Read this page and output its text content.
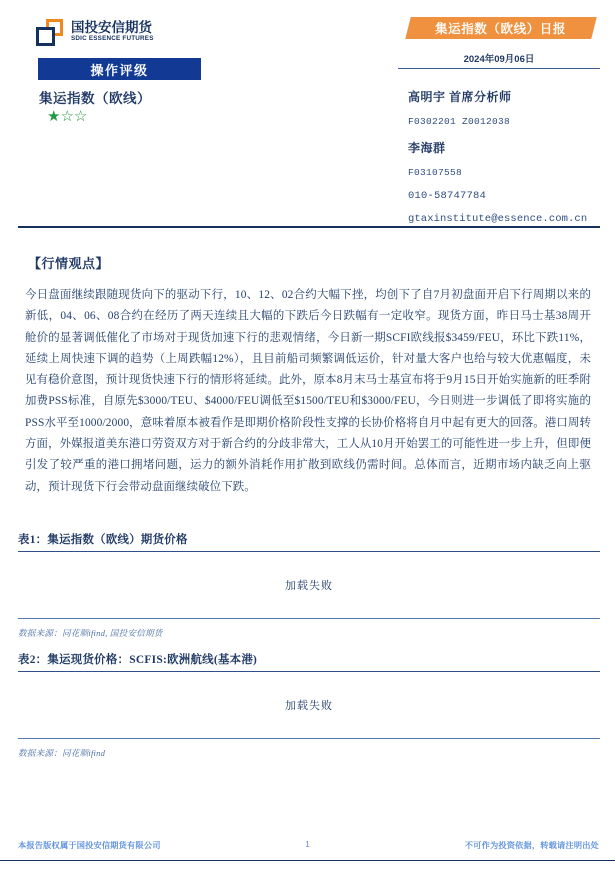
国投安信期货
SDIC ESSENCE FUTURES
操作评级
集运指数（欧线）
★☆☆
集运指数（欧线）日报
2024年09月06日
高明宇 首席分析师
F0302201 Z0012038
李海群
F03107558
010-58747784
gtaxinstitute@essence.com.cn
【行情观点】
今日盘面继续跟随现货向下的驱动下行，10、12、02合约大幅下挫，均创下了自7月初盘面开启下行周期以来的新低，04、06、08合约在经历了两天连续且大幅的下跌后今日跌幅有一定收窄。现货方面，昨日马士基38周开舱价的显著调低催化了市场对于现货加速下行的悲观情绪，今日新一期SCFI欧线报$3459/FEU，环比下跌11%，延续上周快速下调的趋势（上周跌幅12%），且目前船司频繁调低运价，针对量大客户也给与较大优惠幅度，未见有稳价意图，预计现货快速下行的情形将延续。此外，原本8月末马士基宣布将于9月15日开始实施新的旺季附加费PSS标准，自原先$3000/TEU、$4000/FEU调低至$1500/TEU和$3000/FEU，今日则进一步调低了即将实施的PSS水平至1000/2000，意味着原本被看作是即期价格阶段性支撑的长协价格将自月中起有更大的回落。港口周转方面，外媒报道美东港口劳资双方对于新合约的分歧非常大，工人从10月开始罢工的可能性进一步上升，但即便引发了较严重的港口拥堵问题，运力的额外消耗作用扩散到欧线仍需时间。总体而言，近期市场内缺乏向上驱动，预计现货下行会带动盘面继续破位下跌。
表1：集运指数（欧线）期货价格
加载失败
数据来源：同花顺ifind, 国投安信期货
表2：集运现货价格：SCFIS:欧洲航线(基本港)
加载失败
数据来源：同花顺ifind
本报告版权属于国投安信期货有限公司	1	不可作为投资依据，转载请注明出处
